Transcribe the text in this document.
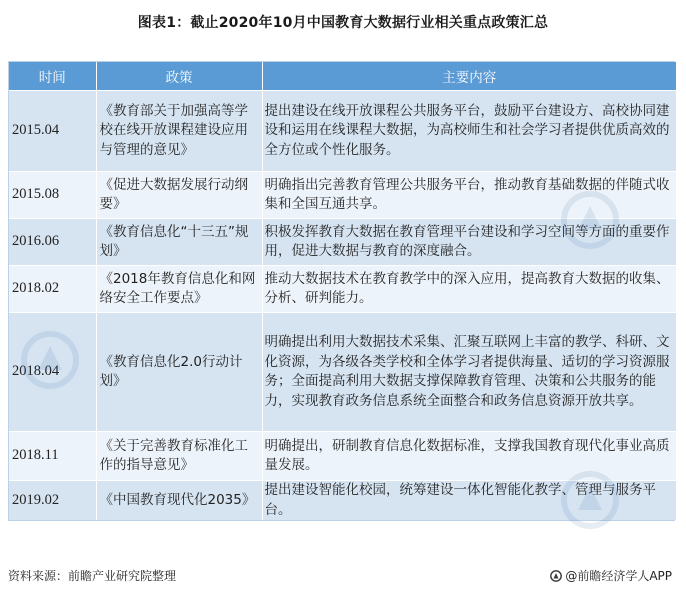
图表1：截止2020年10月中国教育大数据行业相关重点政策汇总
时间	政策	主要内容
2015.04	《教育部关于加强高等学校在线开放课程建设应用与管理的意见》	提出建设在线开放课程公共服务平台，鼓励平台建设方、高校协同建设和运用在线课程大数据，为高校师生和社会学习者提供优质高效的全方位或个性化服务。
2015.08	《促进大数据发展行动纲要》	明确指出完善教育管理公共服务平台，推动教育基础数据的伴随式收集和全国互通共享。
2016.06	《教育信息化“十三五”规划》	积极发挥教育大数据在教育管理平台建设和学习空间等方面的重要作用，促进大数据与教育的深度融合。
2018.02	《2018年教育信息化和网络安全工作要点》	推动大数据技术在教育教学中的深入应用，提高教育大数据的收集、分析、研判能力。
2018.04	《教育信息化2.0行动计划》	明确提出利用大数据技术采集、汇聚互联网上丰富的教学、科研、文化资源，为各级各类学校和全体学习者提供海量、适切的学习资源服务；全面提高利用大数据支撑保障教育管理、决策和公共服务的能力，实现教育政务信息系统全面整合和政务信息资源开放共享。
2018.11	《关于完善教育标准化工作的指导意见》	明确提出，研制教育信息化数据标准，支撑我国教育现代化事业高质量发展。
2019.02	《中国教育现代化2035》	提出建设智能化校园，统筹建设一体化智能化教学、管理与服务平台。
资料来源：前瞻产业研究院整理	@前瞻经济学人APP
